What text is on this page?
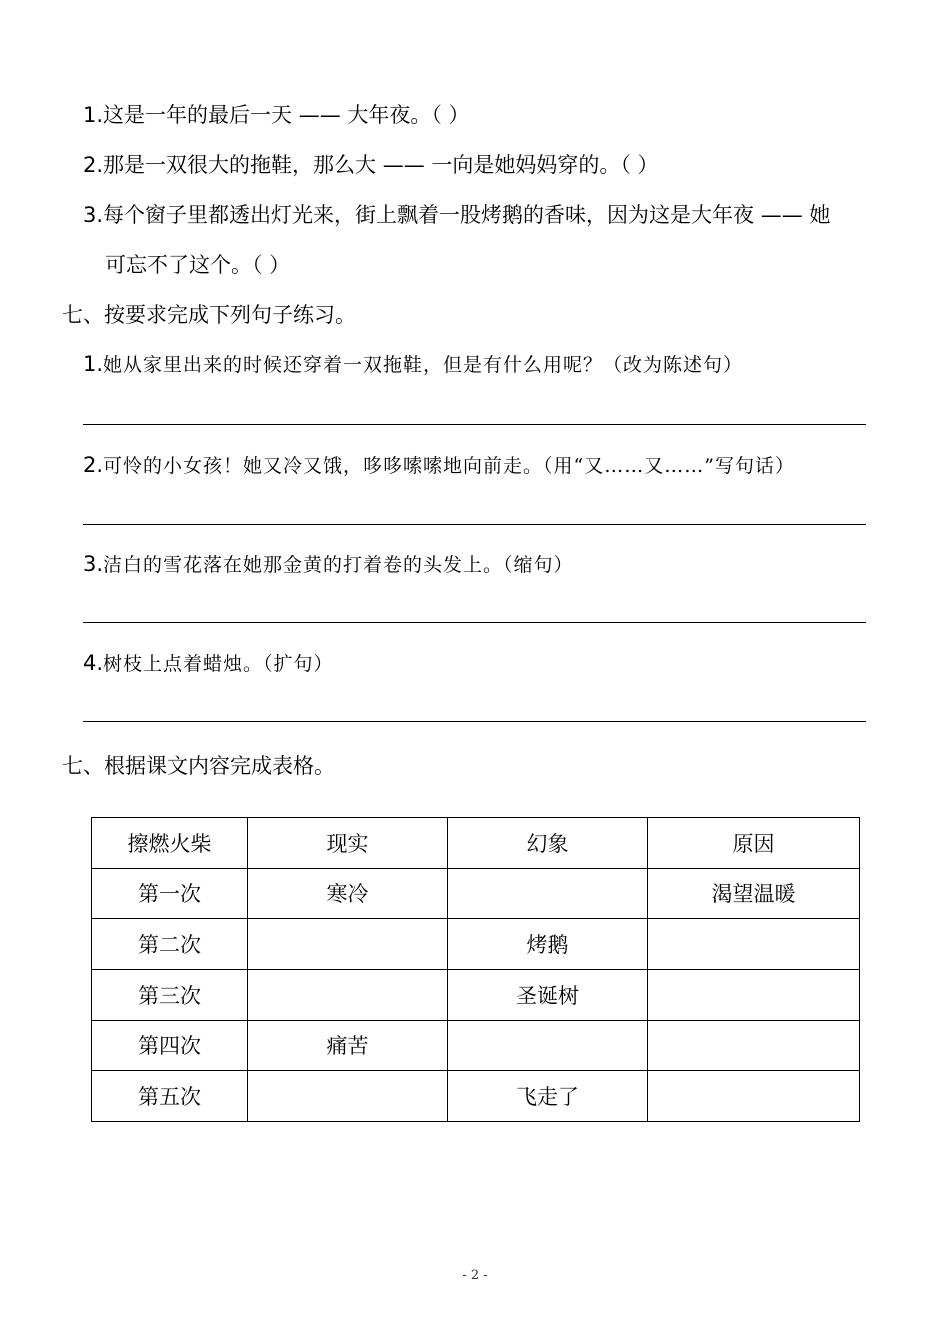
1.这是一年的最后一天 —— 大年夜。（ ）
2.那是一双很大的拖鞋，那么大 —— 一向是她妈妈穿的。（ ）
3.每个窗子里都透出灯光来，街上飘着一股烤鹅的香味，因为这是大年夜 —— 她
可忘不了这个。（ ）
七、按要求完成下列句子练习。
1.她从家里出来的时候还穿着一双拖鞋，但是有什么用呢？（改为陈述句）
2.可怜的小女孩！她又冷又饿，哆哆嗦嗦地向前走。（用“又……又……”写句话）
3.洁白的雪花落在她那金黄的打着卷的头发上。（缩句）
4.树枝上点着蜡烛。（扩句）
七、根据课文内容完成表格。
擦燃火柴	现实	幻象	原因
第一次	寒冷		渴望温暖
第二次		烤鹅	
第三次		圣诞树	
第四次	痛苦		
第五次		飞走了	
- 2 -
